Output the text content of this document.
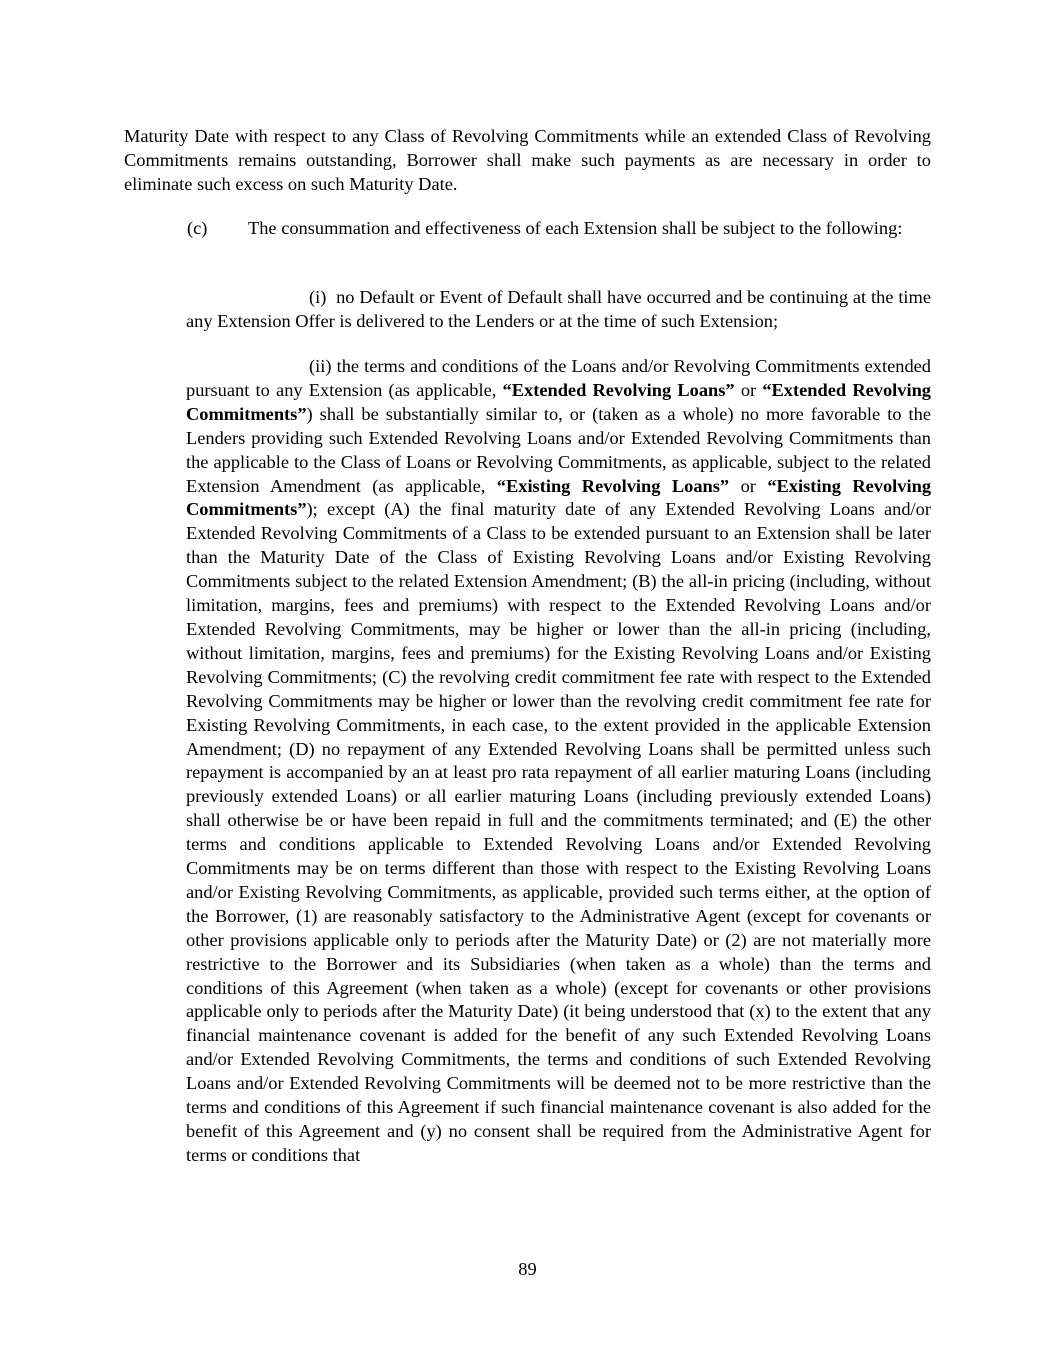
Maturity Date with respect to any Class of Revolving Commitments while an extended Class of Revolving Commitments remains outstanding, Borrower shall make such payments as are necessary in order to eliminate such excess on such Maturity Date.

(c) The consummation and effectiveness of each Extension shall be subject to the following:

(i) no Default or Event of Default shall have occurred and be continuing at the time any Extension Offer is delivered to the Lenders or at the time of such Extension;

(ii) the terms and conditions of the Loans and/or Revolving Commitments extended pursuant to any Extension (as applicable, “Extended Revolving Loans” or “Extended Revolving Commitments”) shall be substantially similar to, or (taken as a whole) no more favorable to the Lenders providing such Extended Revolving Loans and/or Extended Revolving Commitments than the applicable to the Class of Loans or Revolving Commitments, as applicable, subject to the related Extension Amendment (as applicable, “Existing Revolving Loans” or “Existing Revolving Commitments”); except (A) the final maturity date of any Extended Revolving Loans and/or Extended Revolving Commitments of a Class to be extended pursuant to an Extension shall be later than the Maturity Date of the Class of Existing Revolving Loans and/or Existing Revolving Commitments subject to the related Extension Amendment; (B) the all-in pricing (including, without limitation, margins, fees and premiums) with respect to the Extended Revolving Loans and/or Extended Revolving Commitments, may be higher or lower than the all-in pricing (including, without limitation, margins, fees and premiums) for the Existing Revolving Loans and/or Existing Revolving Commitments; (C) the revolving credit commitment fee rate with respect to the Extended Revolving Commitments may be higher or lower than the revolving credit commitment fee rate for Existing Revolving Commitments, in each case, to the extent provided in the applicable Extension Amendment; (D) no repayment of any Extended Revolving Loans shall be permitted unless such repayment is accompanied by an at least pro rata repayment of all earlier maturing Loans (including previously extended Loans) or all earlier maturing Loans (including previously extended Loans) shall otherwise be or have been repaid in full and the commitments terminated; and (E) the other terms and conditions applicable to Extended Revolving Loans and/or Extended Revolving Commitments may be on terms different than those with respect to the Existing Revolving Loans and/or Existing Revolving Commitments, as applicable, provided such terms either, at the option of the Borrower, (1) are reasonably satisfactory to the Administrative Agent (except for covenants or other provisions applicable only to periods after the Maturity Date) or (2) are not materially more restrictive to the Borrower and its Subsidiaries (when taken as a whole) than the terms and conditions of this Agreement (when taken as a whole) (except for covenants or other provisions applicable only to periods after the Maturity Date) (it being understood that (x) to the extent that any financial maintenance covenant is added for the benefit of any such Extended Revolving Loans and/or Extended Revolving Commitments, the terms and conditions of such Extended Revolving Loans and/or Extended Revolving Commitments will be deemed not to be more restrictive than the terms and conditions of this Agreement if such financial maintenance covenant is also added for the benefit of this Agreement and (y) no consent shall be required from the Administrative Agent for terms or conditions that

89
